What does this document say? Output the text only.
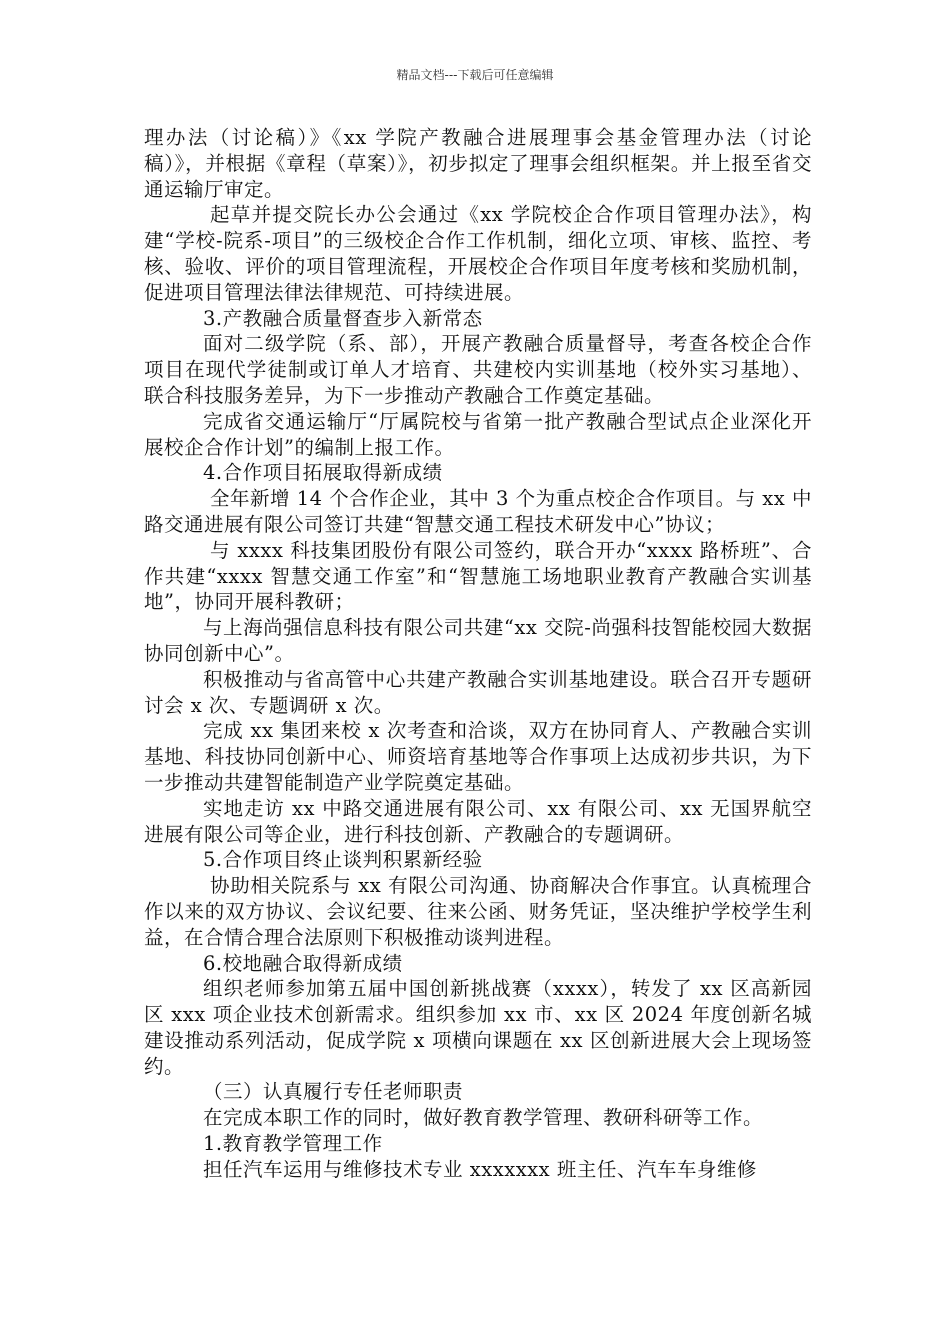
精品文档---下载后可任意编辑

理办法（讨论稿）》《xx 学院产教融合进展理事会基金管理办法（讨论稿）》，并根据《章程（草案）》，初步拟定了理事会组织框架。并上报至省交通运输厅审定。

起草并提交院长办公会通过《xx 学院校企合作项目管理办法》，构建“学校-院系-项目”的三级校企合作工作机制，细化立项、审核、监控、考核、验收、评价的项目管理流程，开展校企合作项目年度考核和奖励机制，促进项目管理法律法律规范、可持续进展。

3.产教融合质量督查步入新常态

面对二级学院（系、部），开展产教融合质量督导，考查各校企合作项目在现代学徒制或订单人才培育、共建校内实训基地（校外实习基地）、联合科技服务差异，为下一步推动产教融合工作奠定基础。

完成省交通运输厅“厅属院校与省第一批产教融合型试点企业深化开展校企合作计划”的编制上报工作。

4.合作项目拓展取得新成绩

全年新增 14 个合作企业，其中 3 个为重点校企合作项目。与 xx 中路交通进展有限公司签订共建“智慧交通工程技术研发中心”协议；

与 xxxx 科技集团股份有限公司签约，联合开办“xxxx 路桥班”、合作共建“xxxx 智慧交通工作室”和“智慧施工场地职业教育产教融合实训基地”，协同开展科教研；

与上海尚强信息科技有限公司共建“xx 交院-尚强科技智能校园大数据协同创新中心”。

积极推动与省高管中心共建产教融合实训基地建设。联合召开专题研讨会 x 次、专题调研 x 次。

完成 xx 集团来校 x 次考查和洽谈，双方在协同育人、产教融合实训基地、科技协同创新中心、师资培育基地等合作事项上达成初步共识，为下一步推动共建智能制造产业学院奠定基础。

实地走访 xx 中路交通进展有限公司、xx 有限公司、xx 无国界航空进展有限公司等企业，进行科技创新、产教融合的专题调研。

5.合作项目终止谈判积累新经验

协助相关院系与 xx 有限公司沟通、协商解决合作事宜。认真梳理合作以来的双方协议、会议纪要、往来公函、财务凭证，坚决维护学校学生利益，在合情合理合法原则下积极推动谈判进程。

6.校地融合取得新成绩

组织老师参加第五届中国创新挑战赛（xxxx），转发了 xx 区高新园区 xxx 项企业技术创新需求。组织参加 xx 市、xx 区 2024 年度创新名城建设推动系列活动，促成学院 x 项横向课题在 xx 区创新进展大会上现场签约。

（三）认真履行专任老师职责

在完成本职工作的同时，做好教育教学管理、教研科研等工作。

1.教育教学管理工作

担任汽车运用与维修技术专业 xxxxxxx 班主任、汽车车身维修
